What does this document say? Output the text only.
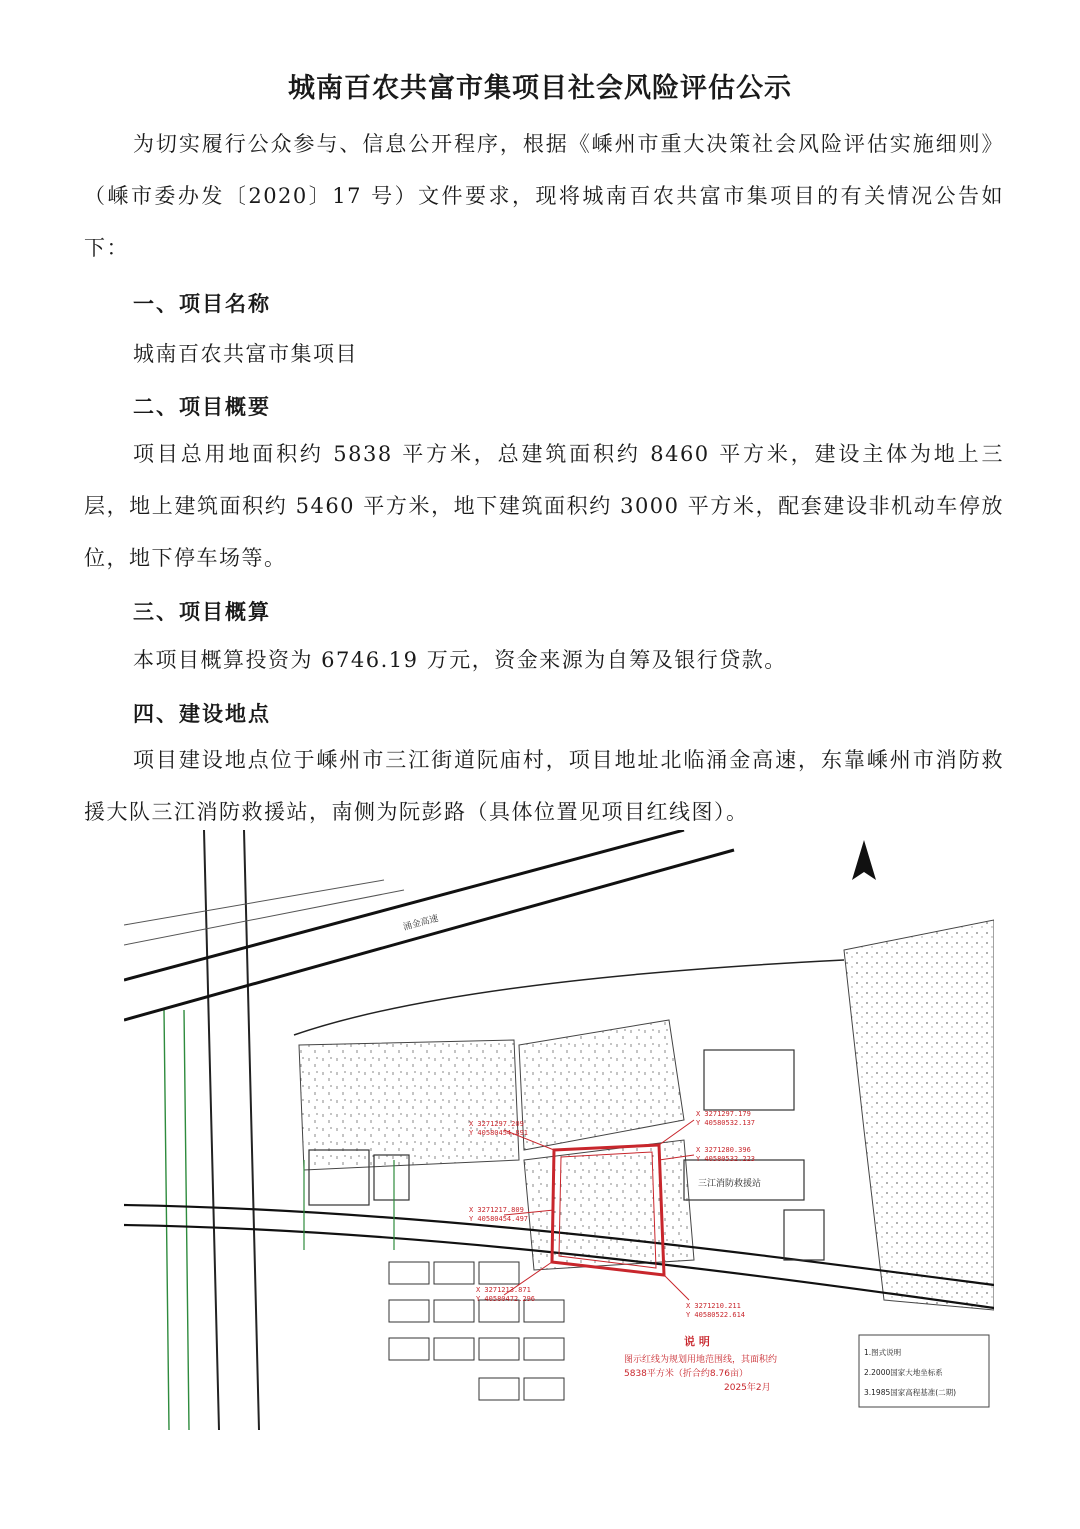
城南百农共富市集项目社会风险评估公示

为切实履行公众参与、信息公开程序，根据《嵊州市重大决策社会风险评估实施细则》（嵊市委办发〔2020〕17 号）文件要求，现将城南百农共富市集项目的有关情况公告如下：

一、项目名称

城南百农共富市集项目

二、项目概要

项目总用地面积约 5838 平方米，总建筑面积约 8460 平方米，建设主体为地上三层，地上建筑面积约 5460 平方米，地下建筑面积约 3000 平方米，配套建设非机动车停放位，地下停车场等。

三、项目概算

本项目概算投资为 6746.19 万元，资金来源为自筹及银行贷款。

四、建设地点

项目建设地点位于嵊州市三江街道阮庙村，项目地址北临涌金高速，东靠嵊州市消防救援大队三江消防救援站，南侧为阮彭路（具体位置见项目红线图）。

涌金高速
三江消防救援站
X 3271297.209
Y 40580454.891
X 3271297.179
Y 40580532.137
X 3271280.396
Y 40580532.223
X 3271217.809
Y 40580454.497
X 3271213.871
Y 40580472.296
X 3271210.211
Y 40580522.614
说 明
图示红线为规划用地范围线，其面积约
5838平方米（折合约8.76亩）
2025年2月
1.图式说明
2.2000国家大地坐标系
3.1985国家高程基准(二期)
